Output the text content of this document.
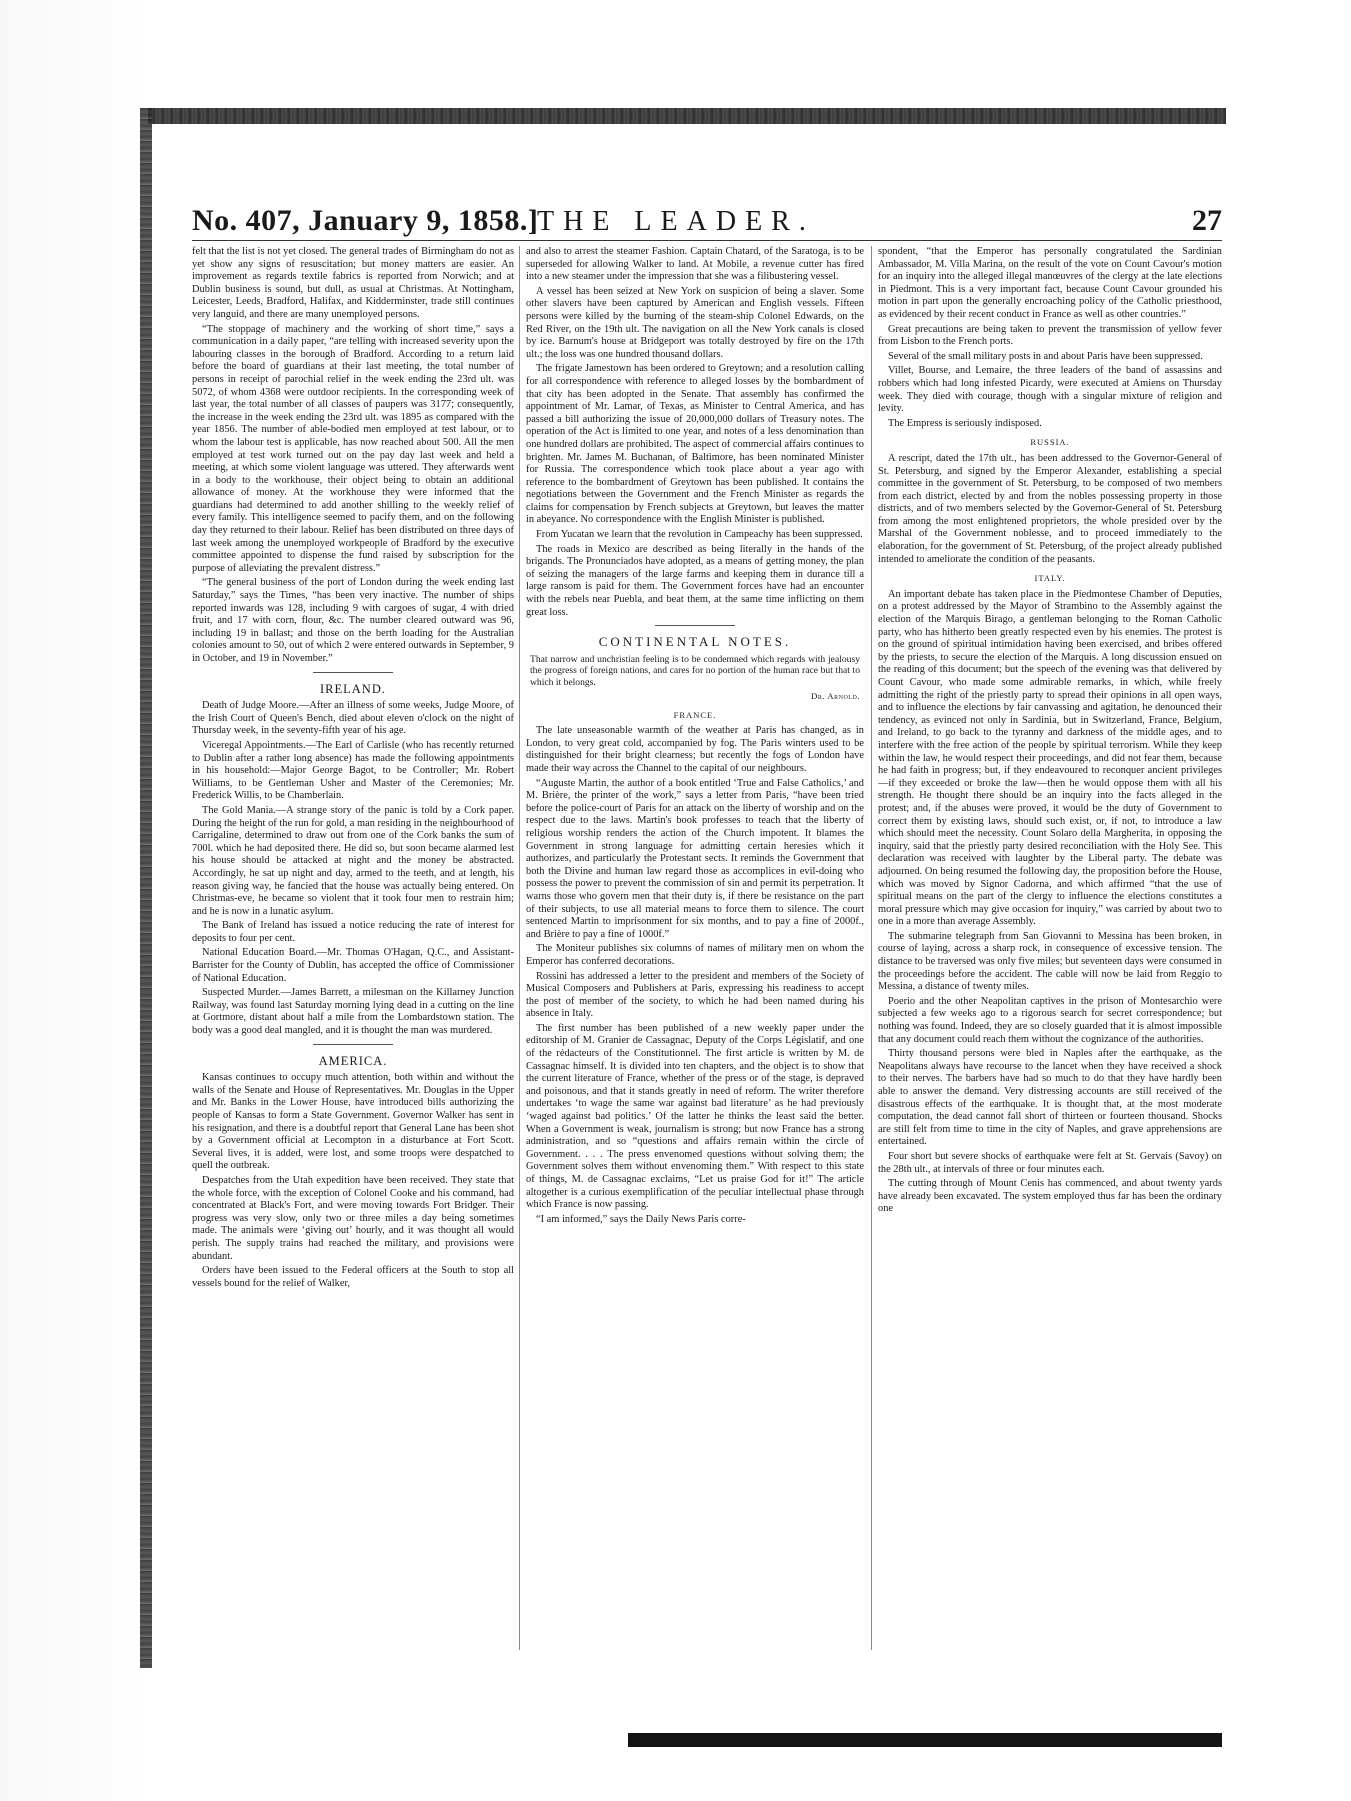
No. 407, January 9, 1858.]
THE LEADER.	27

felt that the list is not yet closed. The general trades of Birmingham do not as yet show any signs of resuscitation; but money matters are easier. An improvement as regards textile fabrics is reported from Norwich; and at Dublin business is sound, but dull, as usual at Christmas. At Nottingham, Leicester, Leeds, Bradford, Halifax, and Kidderminster, trade still continues very languid, and there are many unemployed persons.

“The stoppage of machinery and the working of short time,” says a communication in a daily paper, “are telling with increased severity upon the labouring classes in the borough of Bradford. According to a return laid before the board of guardians at their last meeting, the total number of persons in receipt of parochial relief in the week ending the 23rd ult. was 5072, of whom 4368 were outdoor recipients. In the corresponding week of last year, the total number of all classes of paupers was 3177; consequently, the increase in the week ending the 23rd ult. was 1895 as compared with the year 1856. The number of able-bodied men employed at test labour, or to whom the labour test is applicable, has now reached about 500. All the men employed at test work turned out on the pay day last week and held a meeting, at which some violent language was uttered. They afterwards went in a body to the workhouse, their object being to obtain an additional allowance of money. At the workhouse they were informed that the guardians had determined to add another shilling to the weekly relief of every family. This intelligence seemed to pacify them, and on the following day they returned to their labour. Relief has been distributed on three days of last week among the unemployed workpeople of Bradford by the executive committee appointed to dispense the fund raised by subscription for the purpose of alleviating the prevalent distress.”

“The general business of the port of London during the week ending last Saturday,” says the Times, “has been very inactive. The number of ships reported inwards was 128, including 9 with cargoes of sugar, 4 with dried fruit, and 17 with corn, flour, &c. The number cleared outward was 96, including 19 in ballast; and those on the berth loading for the Australian colonies amount to 50, out of which 2 were entered outwards in September, 9 in October, and 19 in November.”

IRELAND.

Death of Judge Moore.—After an illness of some weeks, Judge Moore, of the Irish Court of Queen's Bench, died about eleven o'clock on the night of Thursday week, in the seventy-fifth year of his age.

Viceregal Appointments.—The Earl of Carlisle (who has recently returned to Dublin after a rather long absence) has made the following appointments in his household:—Major George Bagot, to be Controller; Mr. Robert Williams, to be Gentleman Usher and Master of the Ceremonies; Mr. Frederick Willis, to be Chamberlain.

The Gold Mania.—A strange story of the panic is told by a Cork paper. During the height of the run for gold, a man residing in the neighbourhood of Carrigaline, determined to draw out from one of the Cork banks the sum of 700l. which he had deposited there. He did so, but soon became alarmed lest his house should be attacked at night and the money be abstracted. Accordingly, he sat up night and day, armed to the teeth, and at length, his reason giving way, he fancied that the house was actually being entered. On Christmas-eve, he became so violent that it took four men to restrain him; and he is now in a lunatic asylum.

The Bank of Ireland has issued a notice reducing the rate of interest for deposits to four per cent.

National Education Board.—Mr. Thomas O'Hagan, Q.C., and Assistant-Barrister for the County of Dublin, has accepted the office of Commissioner of National Education.

Suspected Murder.—James Barrett, a milesman on the Killarney Junction Railway, was found last Saturday morning lying dead in a cutting on the line at Gortmore, distant about half a mile from the Lombardstown station. The body was a good deal mangled, and it is thought the man was murdered.

AMERICA.

Kansas continues to occupy much attention, both within and without the walls of the Senate and House of Representatives. Mr. Douglas in the Upper and Mr. Banks in the Lower House, have introduced bills authorizing the people of Kansas to form a State Government. Governor Walker has sent in his resignation, and there is a doubtful report that General Lane has been shot by a Government official at Lecompton in a disturbance at Fort Scott. Several lives, it is added, were lost, and some troops were despatched to quell the outbreak.

Despatches from the Utah expedition have been received. They state that the whole force, with the exception of Colonel Cooke and his command, had concentrated at Black's Fort, and were moving towards Fort Bridger. Their progress was very slow, only two or three miles a day being sometimes made. The animals were ‘giving out’ hourly, and it was thought all would perish. The supply trains had reached the military, and provisions were abundant.

Orders have been issued to the Federal officers at the South to stop all vessels bound for the relief of Walker,

and also to arrest the steamer Fashion. Captain Chatard, of the Saratoga, is to be superseded for allowing Walker to land. At Mobile, a revenue cutter has fired into a new steamer under the impression that she was a filibustering vessel.

A vessel has been seized at New York on suspicion of being a slaver. Some other slavers have been captured by American and English vessels. Fifteen persons were killed by the burning of the steam-ship Colonel Edwards, on the Red River, on the 19th ult. The navigation on all the New York canals is closed by ice. Barnum's house at Bridgeport was totally destroyed by fire on the 17th ult.; the loss was one hundred thousand dollars.

The frigate Jamestown has been ordered to Greytown; and a resolution calling for all correspondence with reference to alleged losses by the bombardment of that city has been adopted in the Senate. That assembly has confirmed the appointment of Mr. Lamar, of Texas, as Minister to Central America, and has passed a bill authorizing the issue of 20,000,000 dollars of Treasury notes. The operation of the Act is limited to one year, and notes of a less denomination than one hundred dollars are prohibited. The aspect of commercial affairs continues to brighten. Mr. James M. Buchanan, of Baltimore, has been nominated Minister for Russia. The correspondence which took place about a year ago with reference to the bombardment of Greytown has been published. It contains the negotiations between the Government and the French Minister as regards the claims for compensation by French subjects at Greytown, but leaves the matter in abeyance. No correspondence with the English Minister is published.

From Yucatan we learn that the revolution in Campeachy has been suppressed.

The roads in Mexico are described as being literally in the hands of the brigands. The Pronunciados have adopted, as a means of getting money, the plan of seizing the managers of the large farms and keeping them in durance till a large ransom is paid for them. The Government forces have had an encounter with the rebels near Puebla, and beat them, at the same time inflicting on them great loss.

CONTINENTAL NOTES.
That narrow and unchristian feeling is to be condemned which regards with jealousy the progress of foreign nations, and cares for no portion of the human race but that to which it belongs.
Dr. Arnold.
FRANCE.

The late unseasonable warmth of the weather at Paris has changed, as in London, to very great cold, accompanied by fog. The Paris winters used to be distinguished for their bright clearness; but recently the fogs of London have made their way across the Channel to the capital of our neighbours.

“Auguste Martin, the author of a book entitled ‘True and False Catholics,’ and M. Brière, the printer of the work,” says a letter from Paris, “have been tried before the police-court of Paris for an attack on the liberty of worship and on the respect due to the laws. Martin's book professes to teach that the liberty of religious worship renders the action of the Church impotent. It blames the Government in strong language for admitting certain heresies which it authorizes, and particularly the Protestant sects. It reminds the Government that both the Divine and human law regard those as accomplices in evil-doing who possess the power to prevent the commission of sin and permit its perpetration. It warns those who govern men that their duty is, if there be resistance on the part of their subjects, to use all material means to force them to silence. The court sentenced Martin to imprisonment for six months, and to pay a fine of 2000f., and Brière to pay a fine of 1000f.”

The Moniteur publishes six columns of names of military men on whom the Emperor has conferred decorations.

Rossini has addressed a letter to the president and members of the Society of Musical Composers and Publishers at Paris, expressing his readiness to accept the post of member of the society, to which he had been named during his absence in Italy.

The first number has been published of a new weekly paper under the editorship of M. Granier de Cassagnac, Deputy of the Corps Législatif, and one of the rédacteurs of the Constitutionnel. The first article is written by M. de Cassagnac himself. It is divided into ten chapters, and the object is to show that the current literature of France, whether of the press or of the stage, is depraved and poisonous, and that it stands greatly in need of reform. The writer therefore undertakes ‘to wage the same war against bad literature’ as he had previously ‘waged against bad politics.’ Of the latter he thinks the least said the better. When a Government is weak, journalism is strong; but now France has a strong administration, and so “questions and affairs remain within the circle of Government. . . . The press envenomed questions without solving them; the Government solves them without envenoming them.” With respect to this state of things, M. de Cassagnac exclaims, “Let us praise God for it!” The article altogether is a curious exemplification of the peculiar intellectual phase through which France is now passing.

“I am informed,” says the Daily News Paris corre-

spondent, “that the Emperor has personally congratulated the Sardinian Ambassador, M. Villa Marina, on the result of the vote on Count Cavour's motion for an inquiry into the alleged illegal manœuvres of the clergy at the late elections in Piedmont. This is a very important fact, because Count Cavour grounded his motion in part upon the generally encroaching policy of the Catholic priesthood, as evidenced by their recent conduct in France as well as other countries.”

Great precautions are being taken to prevent the transmission of yellow fever from Lisbon to the French ports.

Several of the small military posts in and about Paris have been suppressed.

Villet, Bourse, and Lemaire, the three leaders of the band of assassins and robbers which had long infested Picardy, were executed at Amiens on Thursday week. They died with courage, though with a singular mixture of religion and levity.

The Empress is seriously indisposed.

RUSSIA.

A rescript, dated the 17th ult., has been addressed to the Governor-General of St. Petersburg, and signed by the Emperor Alexander, establishing a special committee in the government of St. Petersburg, to be composed of two members from each district, elected by and from the nobles possessing property in those districts, and of two members selected by the Governor-General of St. Petersburg from among the most enlightened proprietors, the whole presided over by the Marshal of the Government noblesse, and to proceed immediately to the elaboration, for the government of St. Petersburg, of the project already published intended to ameliorate the condition of the peasants.

ITALY.

An important debate has taken place in the Piedmontese Chamber of Deputies, on a protest addressed by the Mayor of Strambino to the Assembly against the election of the Marquis Birago, a gentleman belonging to the Roman Catholic party, who has hitherto been greatly respected even by his enemies. The protest is on the ground of spiritual intimidation having been exercised, and bribes offered by the priests, to secure the election of the Marquis. A long discussion ensued on the reading of this document; but the speech of the evening was that delivered by Count Cavour, who made some admirable remarks, in which, while freely admitting the right of the priestly party to spread their opinions in all open ways, and to influence the elections by fair canvassing and agitation, he denounced their tendency, as evinced not only in Sardinia, but in Switzerland, France, Belgium, and Ireland, to go back to the tyranny and darkness of the middle ages, and to interfere with the free action of the people by spiritual terrorism. While they keep within the law, he would respect their proceedings, and did not fear them, because he had faith in progress; but, if they endeavoured to reconquer ancient privileges—if they exceeded or broke the law—then he would oppose them with all his strength. He thought there should be an inquiry into the facts alleged in the protest; and, if the abuses were proved, it would be the duty of Government to correct them by existing laws, should such exist, or, if not, to introduce a law which should meet the necessity. Count Solaro della Margherita, in opposing the inquiry, said that the priestly party desired reconciliation with the Holy See. This declaration was received with laughter by the Liberal party. The debate was adjourned. On being resumed the following day, the proposition before the House, which was moved by Signor Cadorna, and which affirmed “that the use of spiritual means on the part of the clergy to influence the elections constitutes a moral pressure which may give occasion for inquiry,” was carried by about two to one in a more than average Assembly.

The submarine telegraph from San Giovanni to Messina has been broken, in course of laying, across a sharp rock, in consequence of excessive tension. The distance to be traversed was only five miles; but seventeen days were consumed in the proceedings before the accident. The cable will now be laid from Reggio to Messina, a distance of twenty miles.

Poerio and the other Neapolitan captives in the prison of Montesarchio were subjected a few weeks ago to a rigorous search for secret correspondence; but nothing was found. Indeed, they are so closely guarded that it is almost impossible that any document could reach them without the cognizance of the authorities.

Thirty thousand persons were bled in Naples after the earthquake, as the Neapolitans always have recourse to the lancet when they have received a shock to their nerves. The barbers have had so much to do that they have hardly been able to answer the demand. Very distressing accounts are still received of the disastrous effects of the earthquake. It is thought that, at the most moderate computation, the dead cannot fall short of thirteen or fourteen thousand. Shocks are still felt from time to time in the city of Naples, and grave apprehensions are entertained.

Four short but severe shocks of earthquake were felt at St. Gervais (Savoy) on the 28th ult., at intervals of three or four minutes each.

The cutting through of Mount Cenis has commenced, and about twenty yards have already been excavated. The system employed thus far has been the ordinary one
